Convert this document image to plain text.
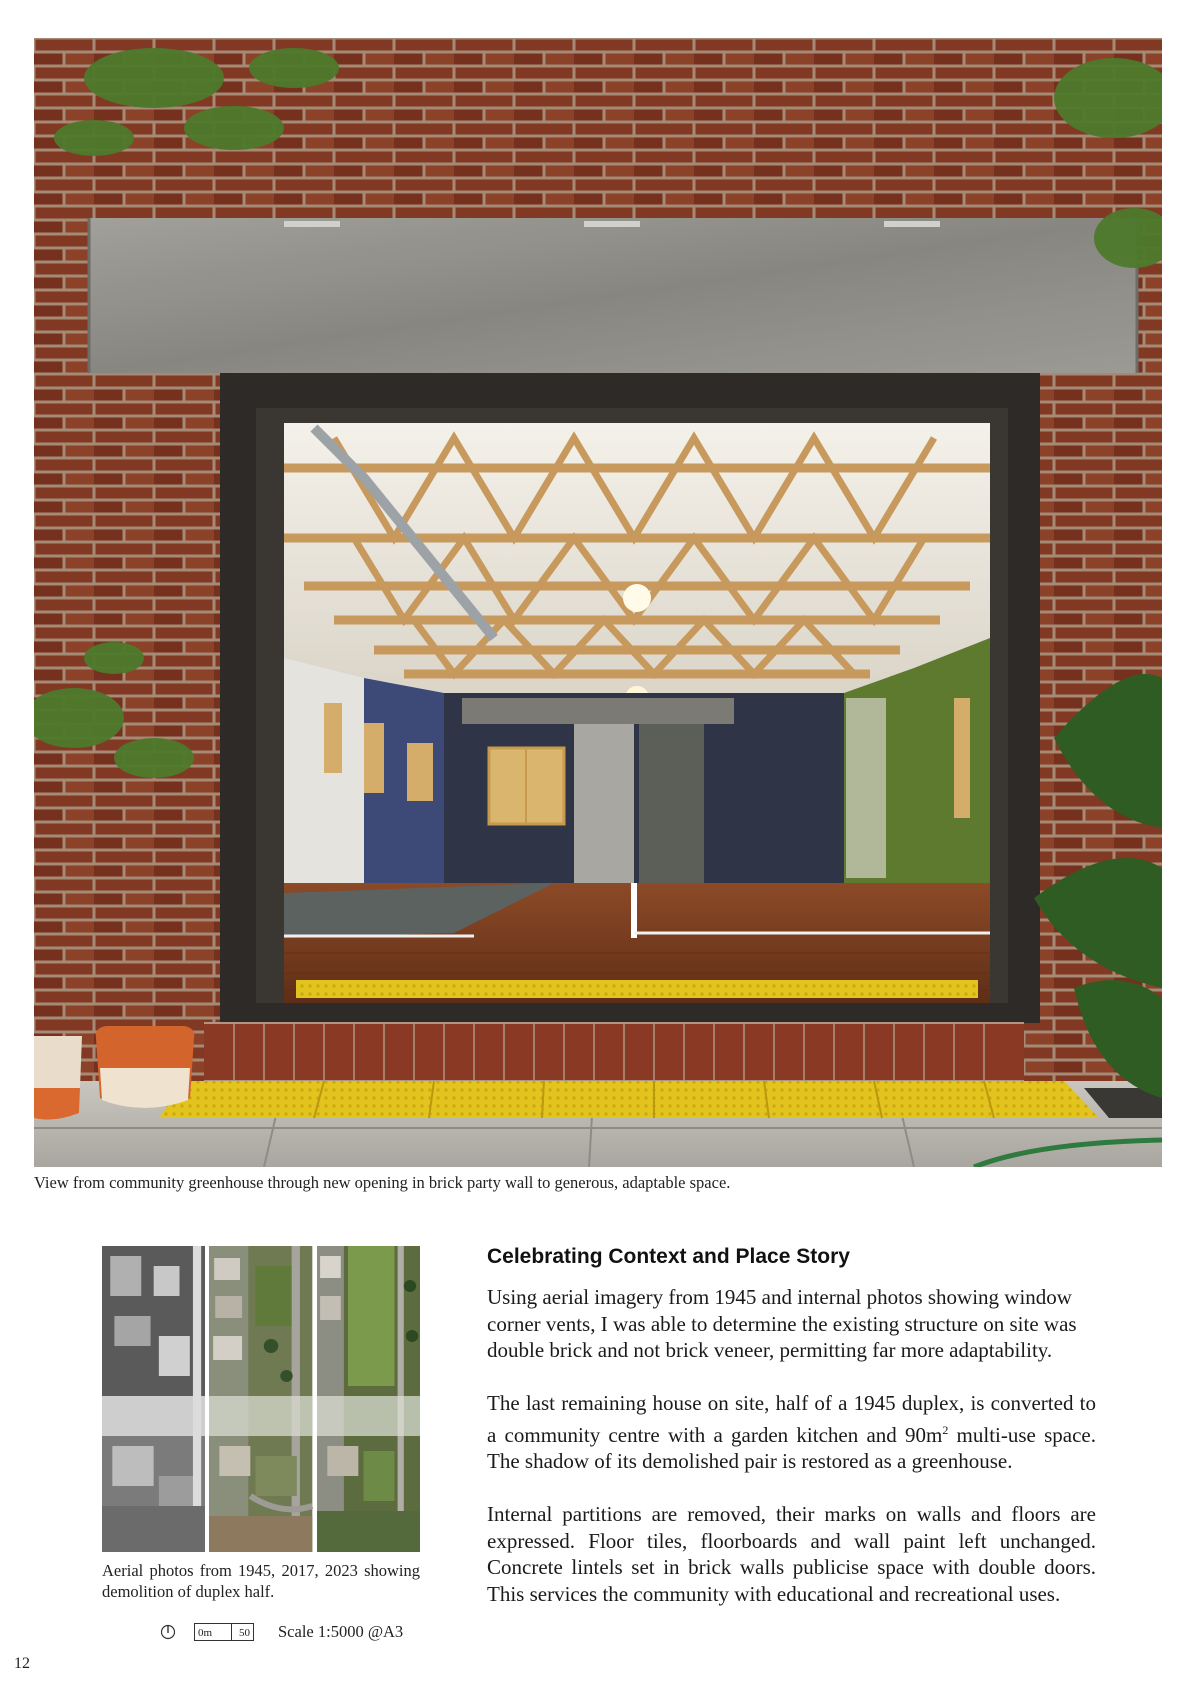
View from community greenhouse through new opening in brick party wall to generous, adaptable space.
Aerial photos from 1945, 2017, 2023 showing demolition of duplex half.
0m 50 Scale 1:5000 @A3
Celebrating Context and Place Story

Using aerial imagery from 1945 and internal photos showing window corner vents, I was able to determine the existing structure on site was double brick and not brick veneer, permitting far more adaptability.

The last remaining house on site, half of a 1945 duplex, is converted to a community centre with a garden kitchen and $90m^2$ multi-use space. The shadow of its demolished pair is restored as a greenhouse.

Internal partitions are removed, their marks on walls and floors are expressed. Floor tiles, floorboards and wall paint left unchanged. Concrete lintels set in brick walls publicise space with double doors. This services the community with educational and recreational uses.

12
